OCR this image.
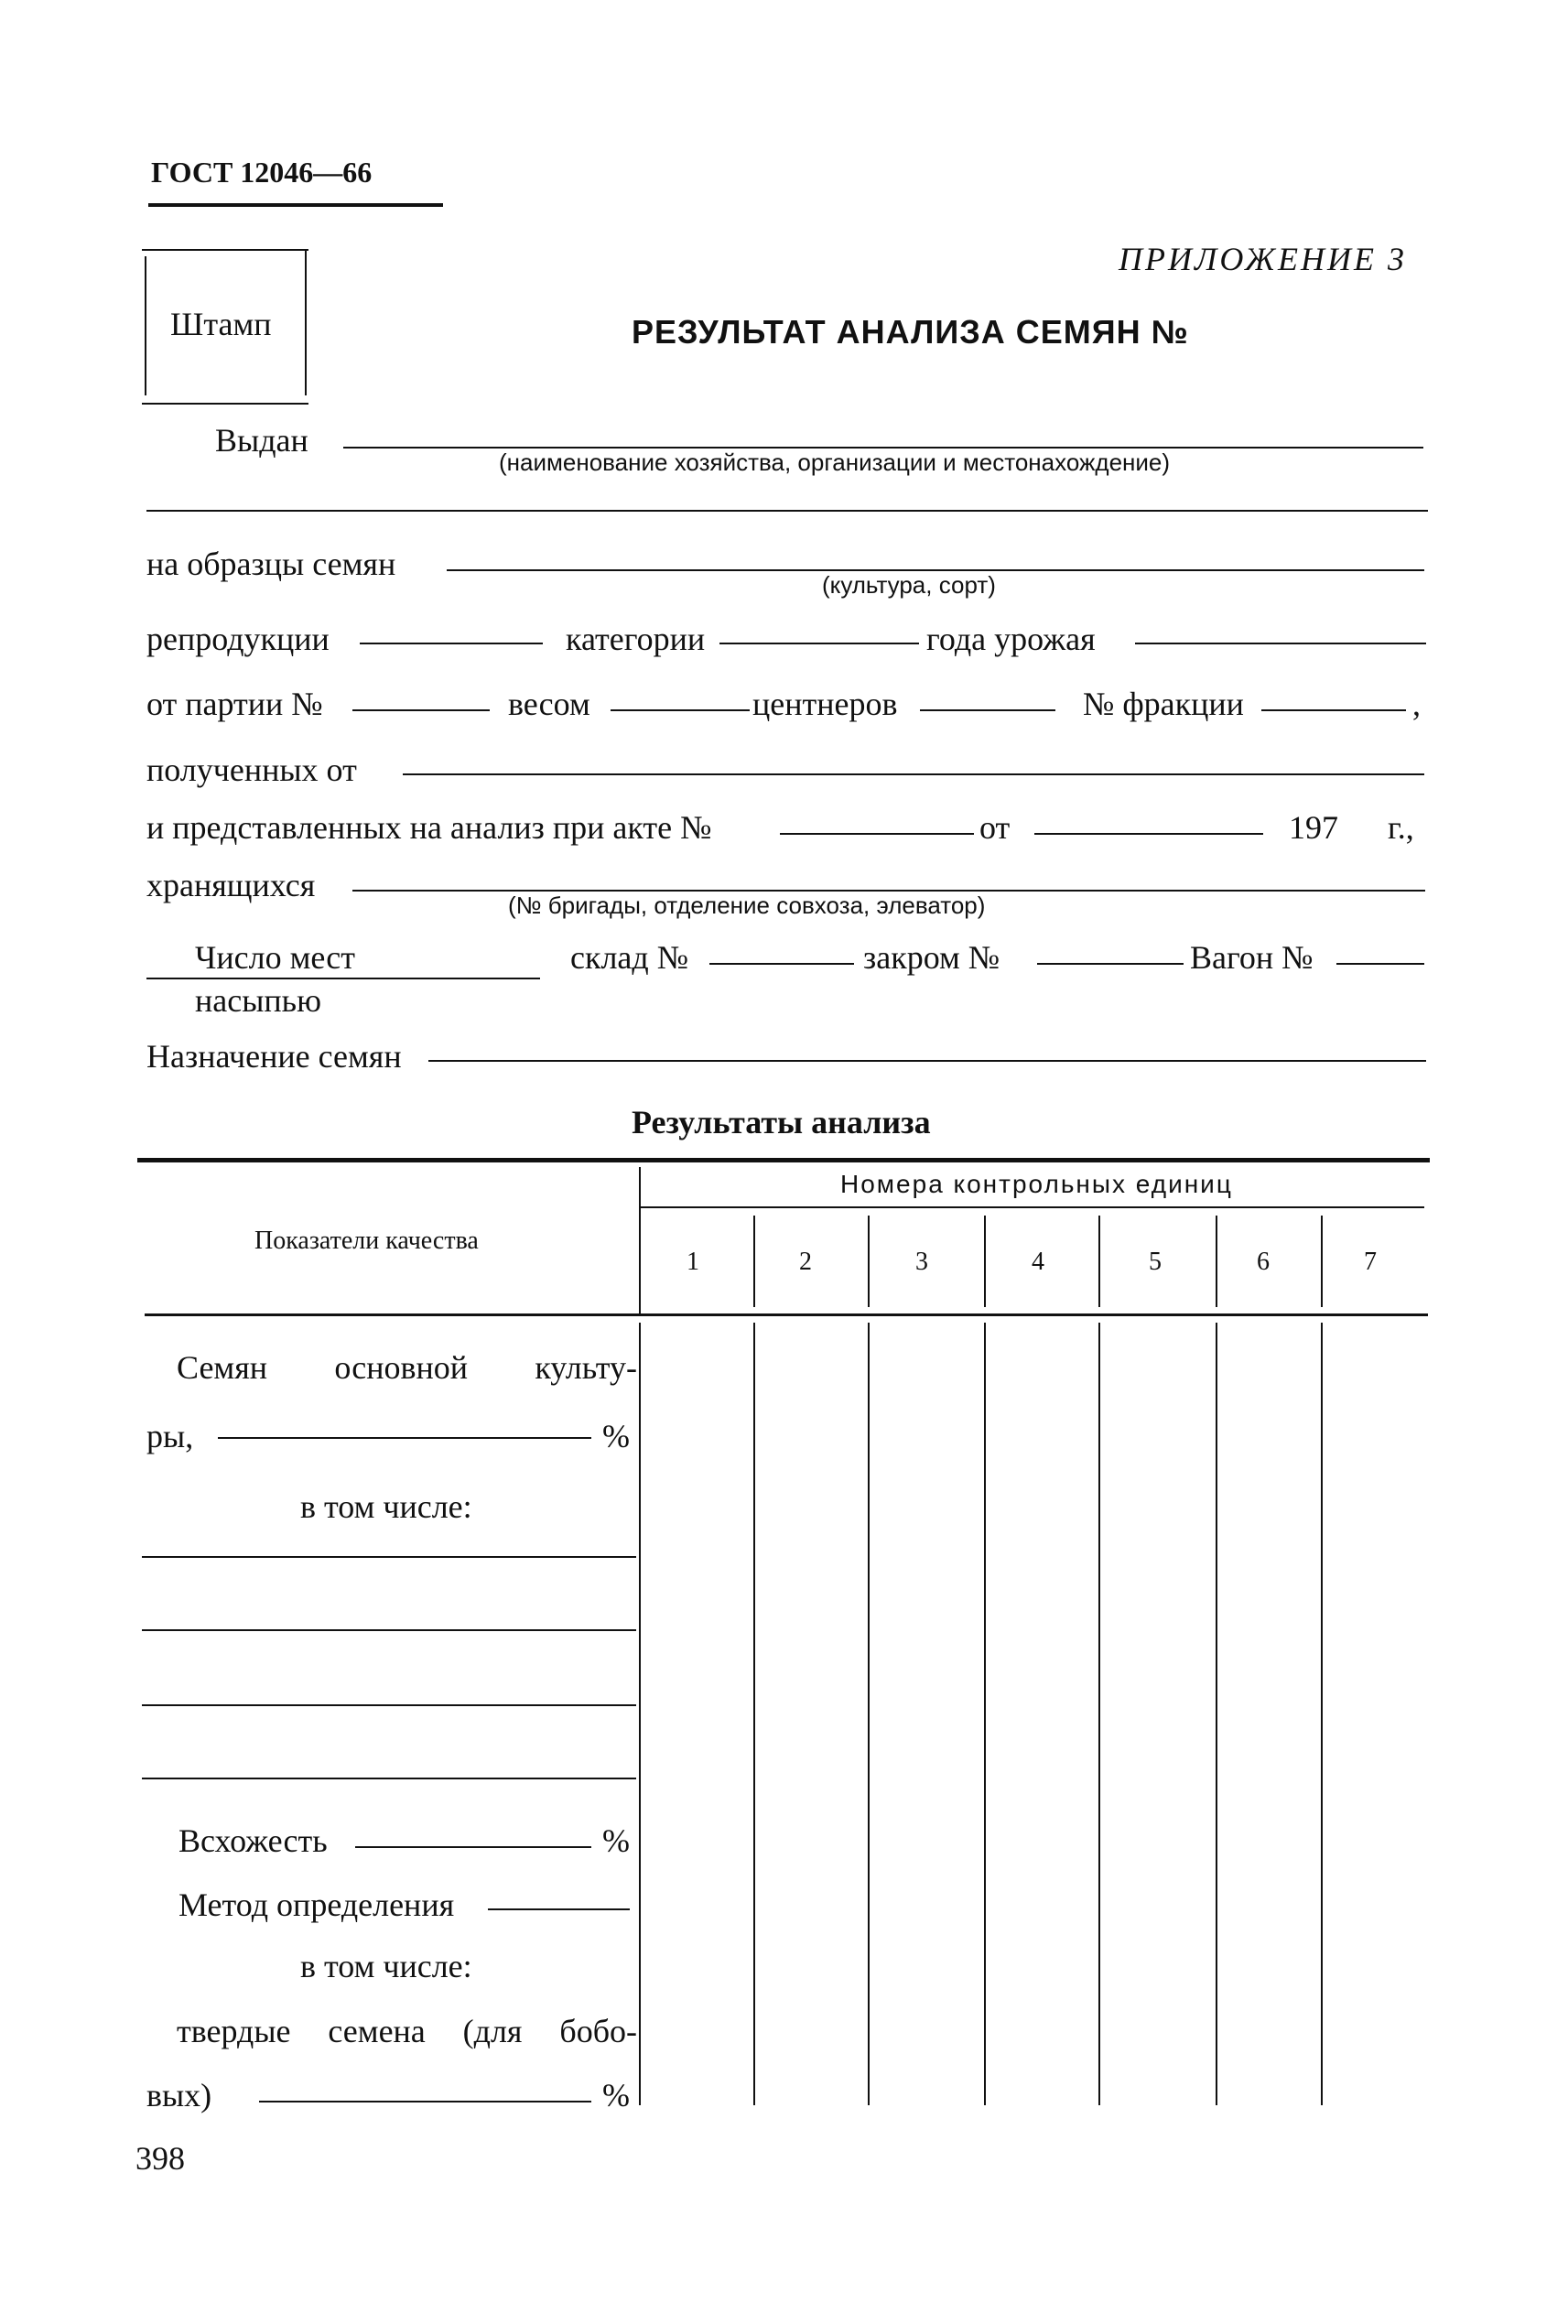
ГОСТ 12046—66
ПРИЛОЖЕНИЕ 3
Штамп	РЕЗУЛЬТАТ АНАЛИЗА СЕМЯН №
Выдан
(наименование хозяйства, организации и местонахождение)
на образцы семян
(культура, сорт)
репродукции	категории	года урожая
от партии №	весом	центнеров	№ фракции	,
полученных от
и представленных на анализ при акте №	от	197 г.,
хранящихся
(№ бригады, отделение совхоза, элеватор)
Число мест
насыпью
склад №	закром №	Вагон №
Назначение семян
Результаты анализа
Показатели качества
Номера контрольных единиц
1	2	3	4	5	6	7
Семян основной культу-
ры,	%
в том числе:
Всхожесть	%
Метод определения
в том числе:
твердые семена (для бобо-
вых)	%
398
